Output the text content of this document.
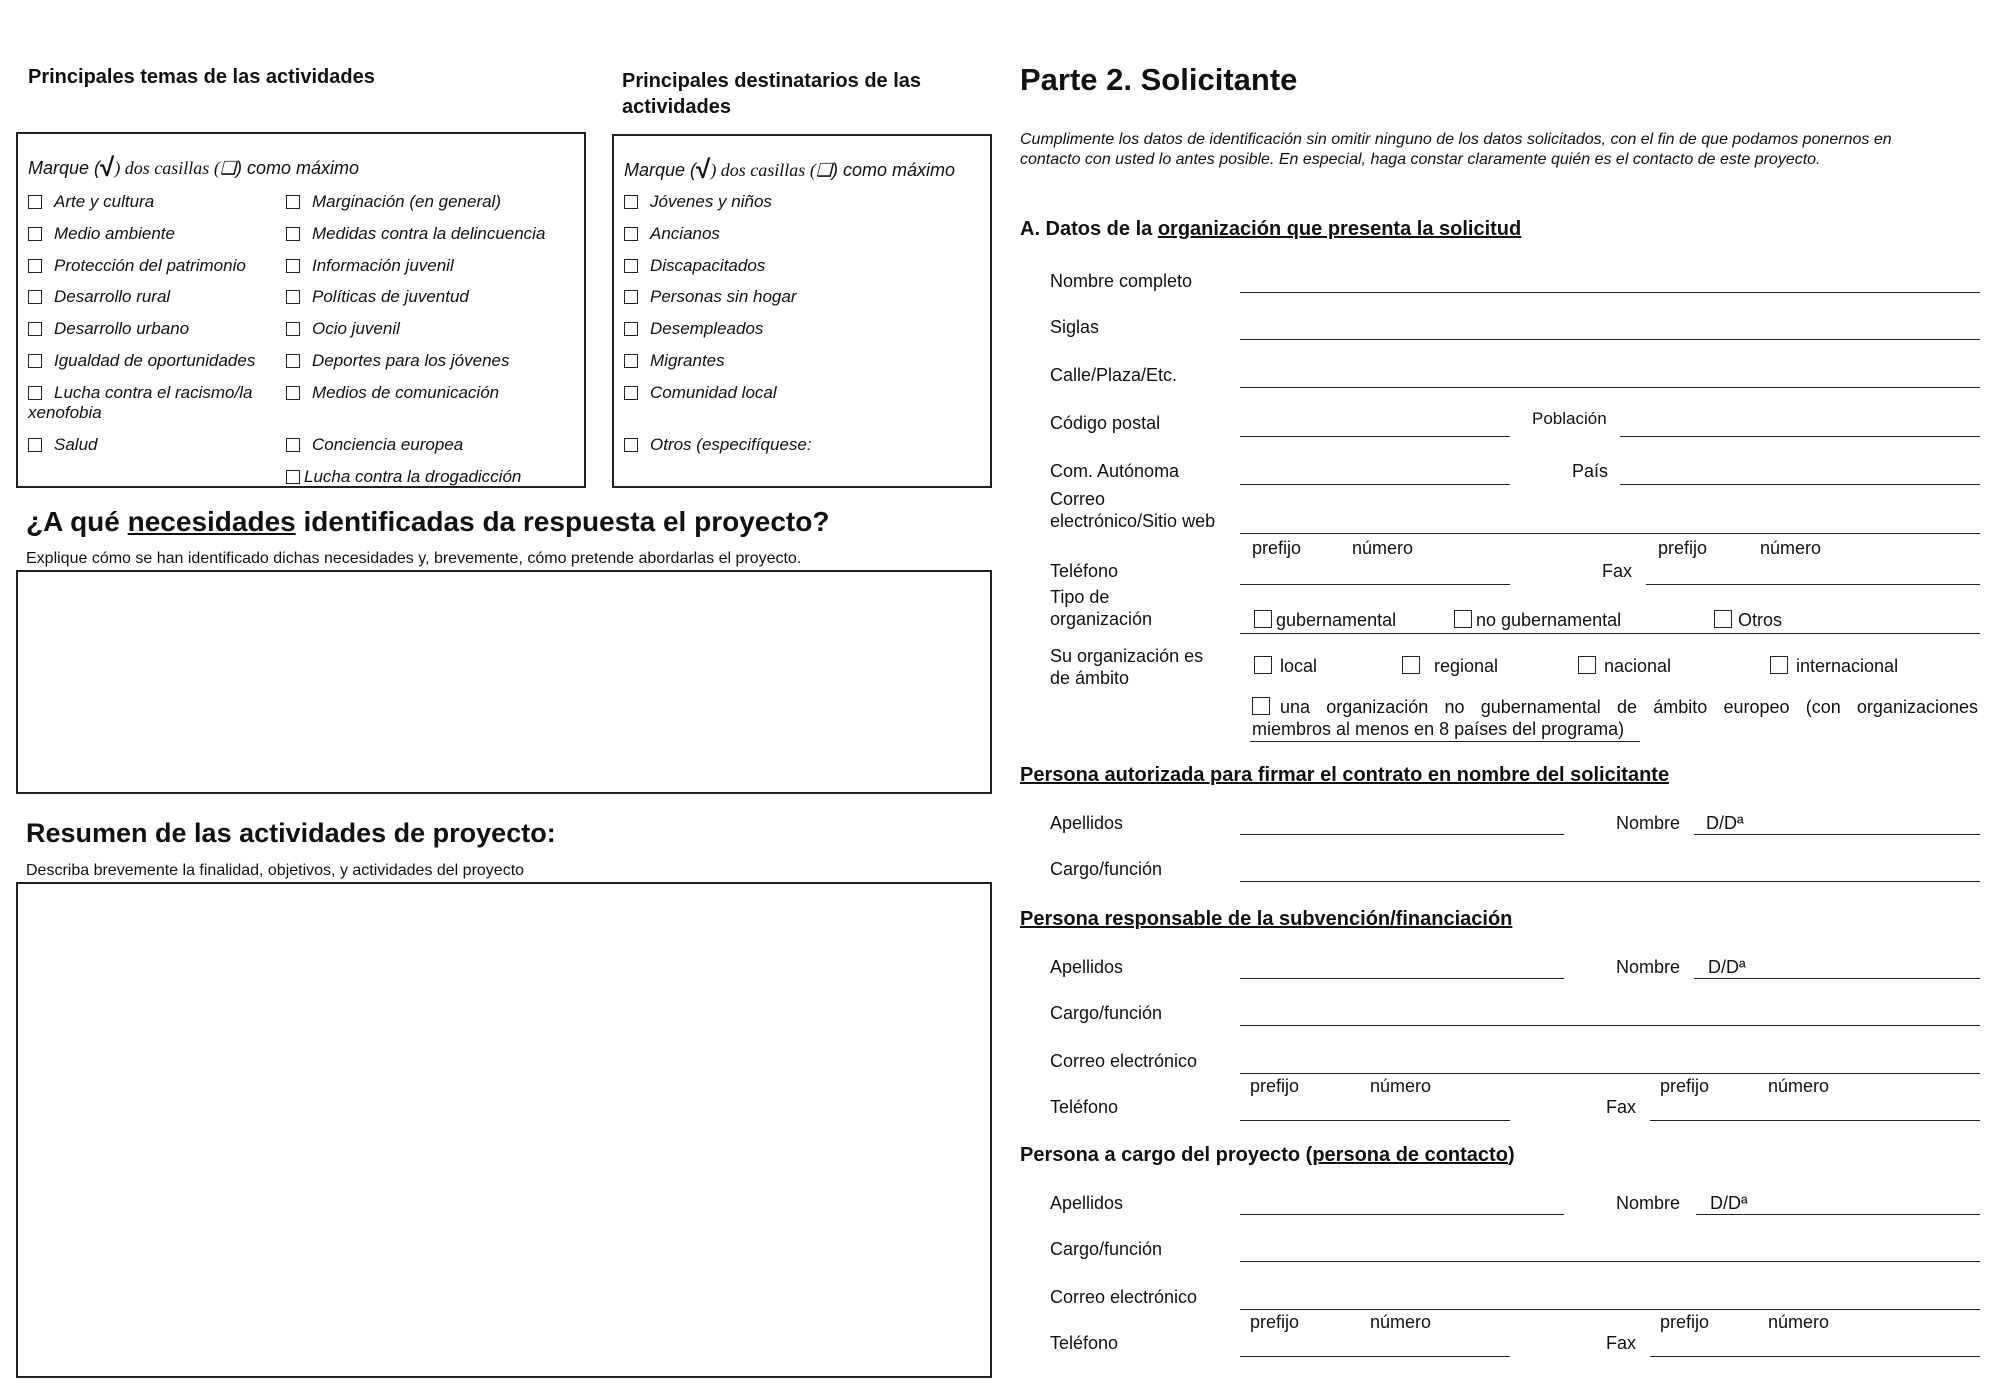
Principales temas de las actividades
Marque (√) dos casillas (❑) como máximo
Arte y cultura
Medio ambiente
Protección del patrimonio
Desarrollo rural
Desarrollo urbano
Igualdad de oportunidades
Lucha contra el racismo/la
xenofobia
Salud
Marginación (en general)
Medidas contra la delincuencia
Información juvenil
Políticas de juventud
Ocio juvenil
Deportes para los jóvenes
Medios de comunicación
Conciencia europea
Lucha contra la drogadicción
Principales destinatarios de las
actividades
Marque (√) dos casillas (❑) como máximo
Jóvenes y niños
Ancianos
Discapacitados
Personas sin hogar
Desempleados
Migrantes
Comunidad local
Otros (especifíquese:
¿A qué necesidades identificadas da respuesta el proyecto?
Explique cómo se han identificado dichas necesidades y, brevemente, cómo pretende abordarlas el proyecto.
Resumen de las actividades de proyecto:
Describa brevemente la finalidad, objetivos, y actividades del proyecto
Parte 2. Solicitante
Cumplimente los datos de identificación sin omitir ninguno de los datos solicitados, con el fin de que podamos ponernos en
contacto con usted lo antes posible. En especial, haga constar claramente quién es el contacto de este proyecto.
A. Datos de la organización que presenta la solicitud
Nombre completo
Siglas
Calle/Plaza/Etc.
Código postal	Población
Com. Autónoma	País
Correo
electrónico/Sitio web
prefijo	número	prefijo	número
Teléfono	Fax
Tipo de
organización	gubernamental	no gubernamental	Otros
Su organización es
de ámbito
local	regional	nacional	internacional
una organización no gubernamental de ámbito europeo (con organizaciones
miembros al menos en 8 países del programa)
Persona autorizada para firmar el contrato en nombre del solicitante
Apellidos	Nombre D/Dª
Cargo/función
Persona responsable de la subvención/financiación
Apellidos	Nombre D/Dª
Cargo/función
Correo electrónico
prefijo	número	prefijo	número
Teléfono	Fax
Persona a cargo del proyecto (persona de contacto)
Apellidos	Nombre D/Dª
Cargo/función
Correo electrónico
prefijo	número	prefijo	número
Teléfono	Fax
